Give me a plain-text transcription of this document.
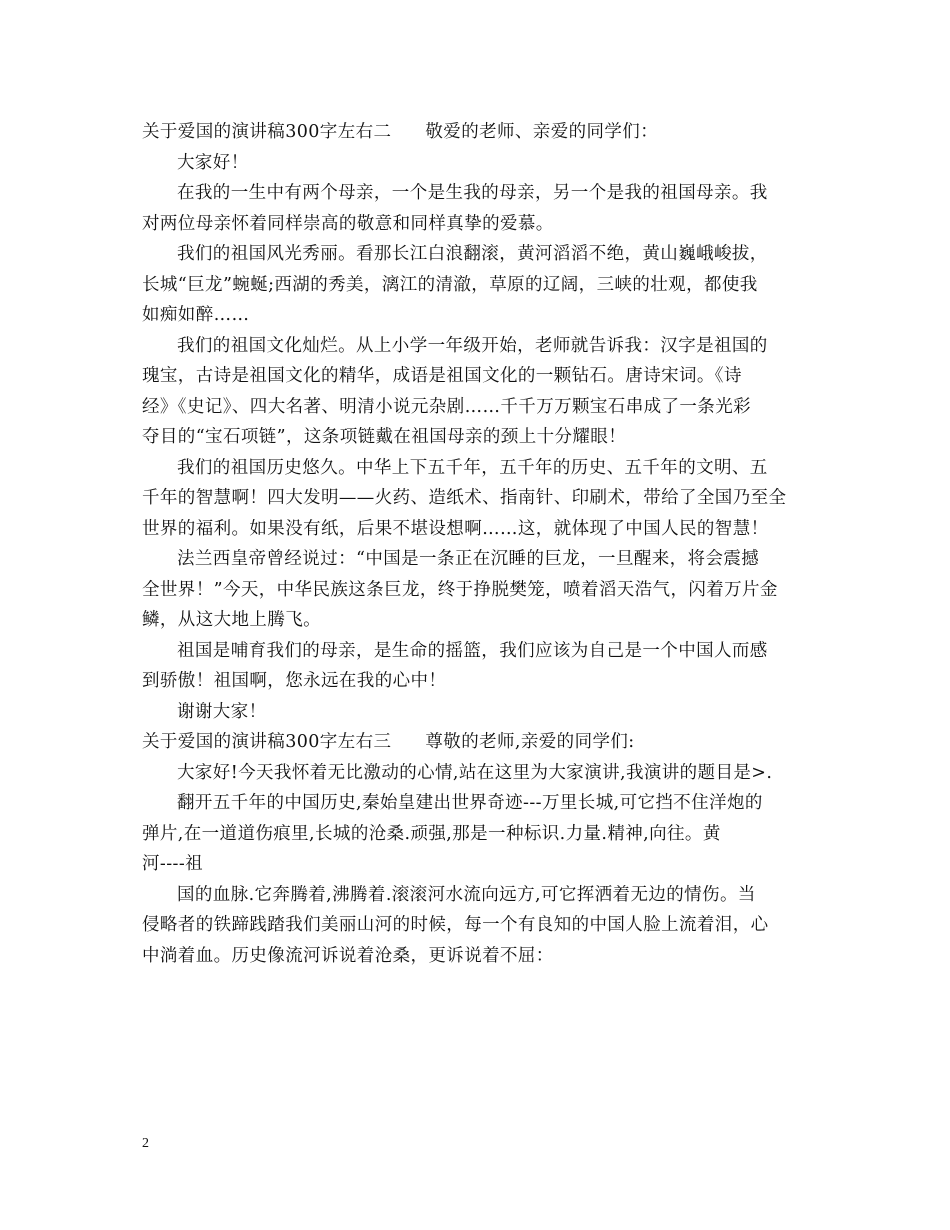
关于爱国的演讲稿300字左右二 敬爱的老师、亲爱的同学们：
大家好！
在我的一生中有两个母亲，一个是生我的母亲，另一个是我的祖国母亲。我
对两位母亲怀着同样崇高的敬意和同样真挚的爱慕。
我们的祖国风光秀丽。看那长江白浪翻滚，黄河滔滔不绝，黄山巍峨峻拔，
长城“巨龙”蜿蜒;西湖的秀美，漓江的清澈，草原的辽阔，三峡的壮观，都使我
如痴如醉……
我们的祖国文化灿烂。从上小学一年级开始，老师就告诉我：汉字是祖国的
瑰宝，古诗是祖国文化的精华，成语是祖国文化的一颗钻石。唐诗宋词。《诗
经》《史记》、四大名著、明清小说元杂剧……千千万万颗宝石串成了一条光彩
夺目的“宝石项链”，这条项链戴在祖国母亲的颈上十分耀眼！
我们的祖国历史悠久。中华上下五千年，五千年的历史、五千年的文明、五
千年的智慧啊！四大发明——火药、造纸术、指南针、印刷术，带给了全国乃至全
世界的福利。如果没有纸，后果不堪设想啊……这，就体现了中国人民的智慧！
法兰西皇帝曾经说过：“中国是一条正在沉睡的巨龙，一旦醒来，将会震撼
全世界！”今天，中华民族这条巨龙，终于挣脱樊笼，喷着滔天浩气，闪着万片金
鳞，从这大地上腾飞。
祖国是哺育我们的母亲，是生命的摇篮，我们应该为自己是一个中国人而感
到骄傲！祖国啊，您永远在我的心中！
谢谢大家！
关于爱国的演讲稿300字左右三 尊敬的老师,亲爱的同学们:
大家好!今天我怀着无比激动的心情,站在这里为大家演讲,我演讲的题目是>.
翻开五千年的中国历史,秦始皇建出世界奇迹---万里长城,可它挡不住洋炮的
弹片,在一道道伤痕里,长城的沧桑.顽强,那是一种标识.力量.精神,向往。黄
河----祖
国的血脉.它奔腾着,沸腾着.滚滚河水流向远方,可它挥洒着无边的情伤。当
侵略者的铁蹄践踏我们美丽山河的时候，每一个有良知的中国人脸上流着泪，心
中淌着血。历史像流河诉说着沧桑，更诉说着不屈：
2
